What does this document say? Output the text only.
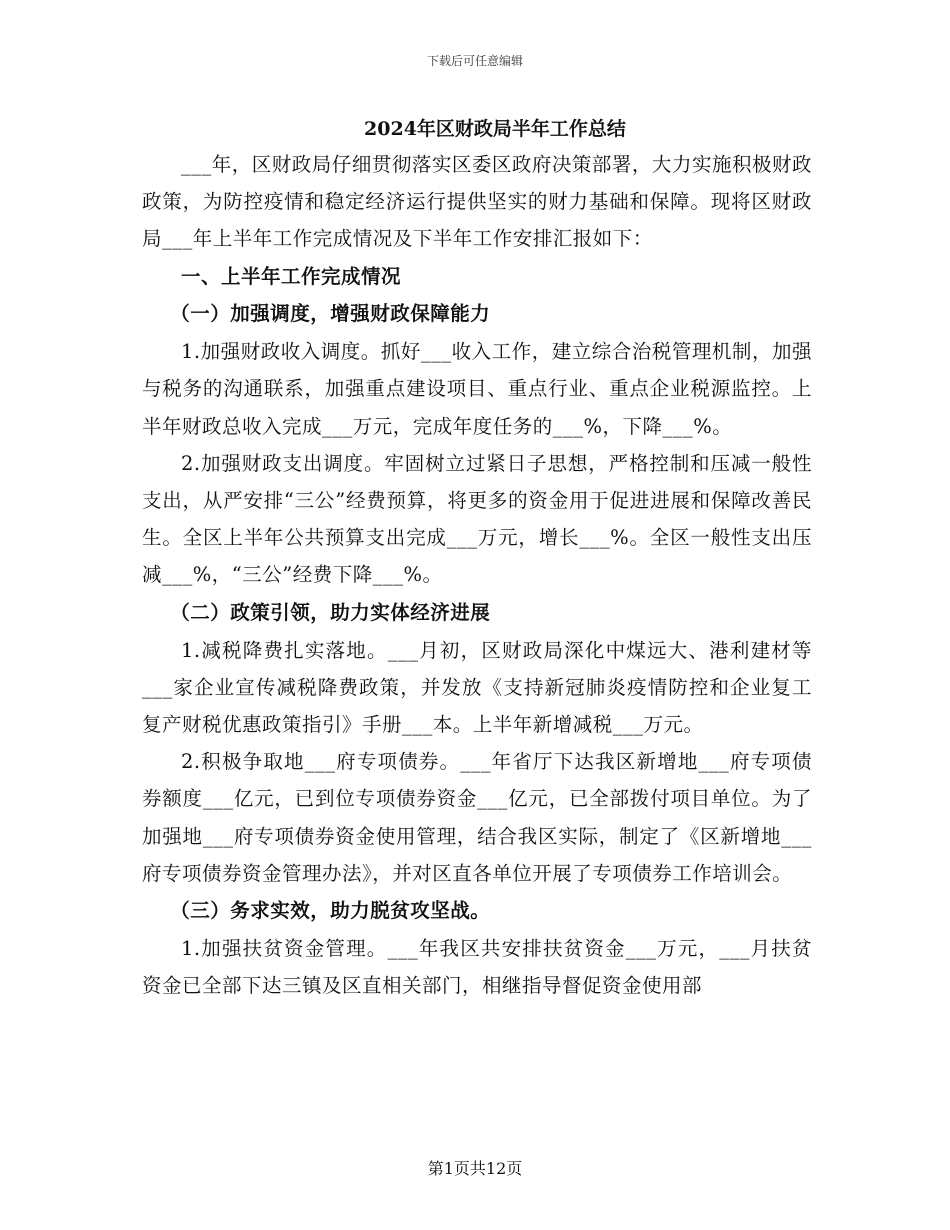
下载后可任意编辑
2024年区财政局半年工作总结

___年，区财政局仔细贯彻落实区委区政府决策部署，大力实施积极财政政策，为防控疫情和稳定经济运行提供坚实的财力基础和保障。现将区财政局___年上半年工作完成情况及下半年工作安排汇报如下：

一、上半年工作完成情况

（一）加强调度，增强财政保障能力

1.加强财政收入调度。抓好___收入工作，建立综合治税管理机制，加强与税务的沟通联系，加强重点建设项目、重点行业、重点企业税源监控。上半年财政总收入完成___万元，完成年度任务的___%，下降___%。

2.加强财政支出调度。牢固树立过紧日子思想，严格控制和压减一般性支出，从严安排“三公”经费预算，将更多的资金用于促进进展和保障改善民生。全区上半年公共预算支出完成___万元，增长___%。全区一般性支出压减___%，“三公”经费下降___%。

（二）政策引领，助力实体经济进展

1.减税降费扎实落地。___月初，区财政局深化中煤远大、港利建材等___家企业宣传减税降费政策，并发放《支持新冠肺炎疫情防控和企业复工复产财税优惠政策指引》手册___本。上半年新增减税___万元。

2.积极争取地___府专项债券。___年省厅下达我区新增地___府专项债券额度___亿元，已到位专项债券资金___亿元，已全部拨付项目单位。为了加强地___府专项债券资金使用管理，结合我区实际，制定了《区新增地___府专项债券资金管理办法》，并对区直各单位开展了专项债券工作培训会。

（三）务求实效，助力脱贫攻坚战。

1.加强扶贫资金管理。___年我区共安排扶贫资金___万元，___月扶贫资金已全部下达三镇及区直相关部门，相继指导督促资金使用部

第1页共12页
